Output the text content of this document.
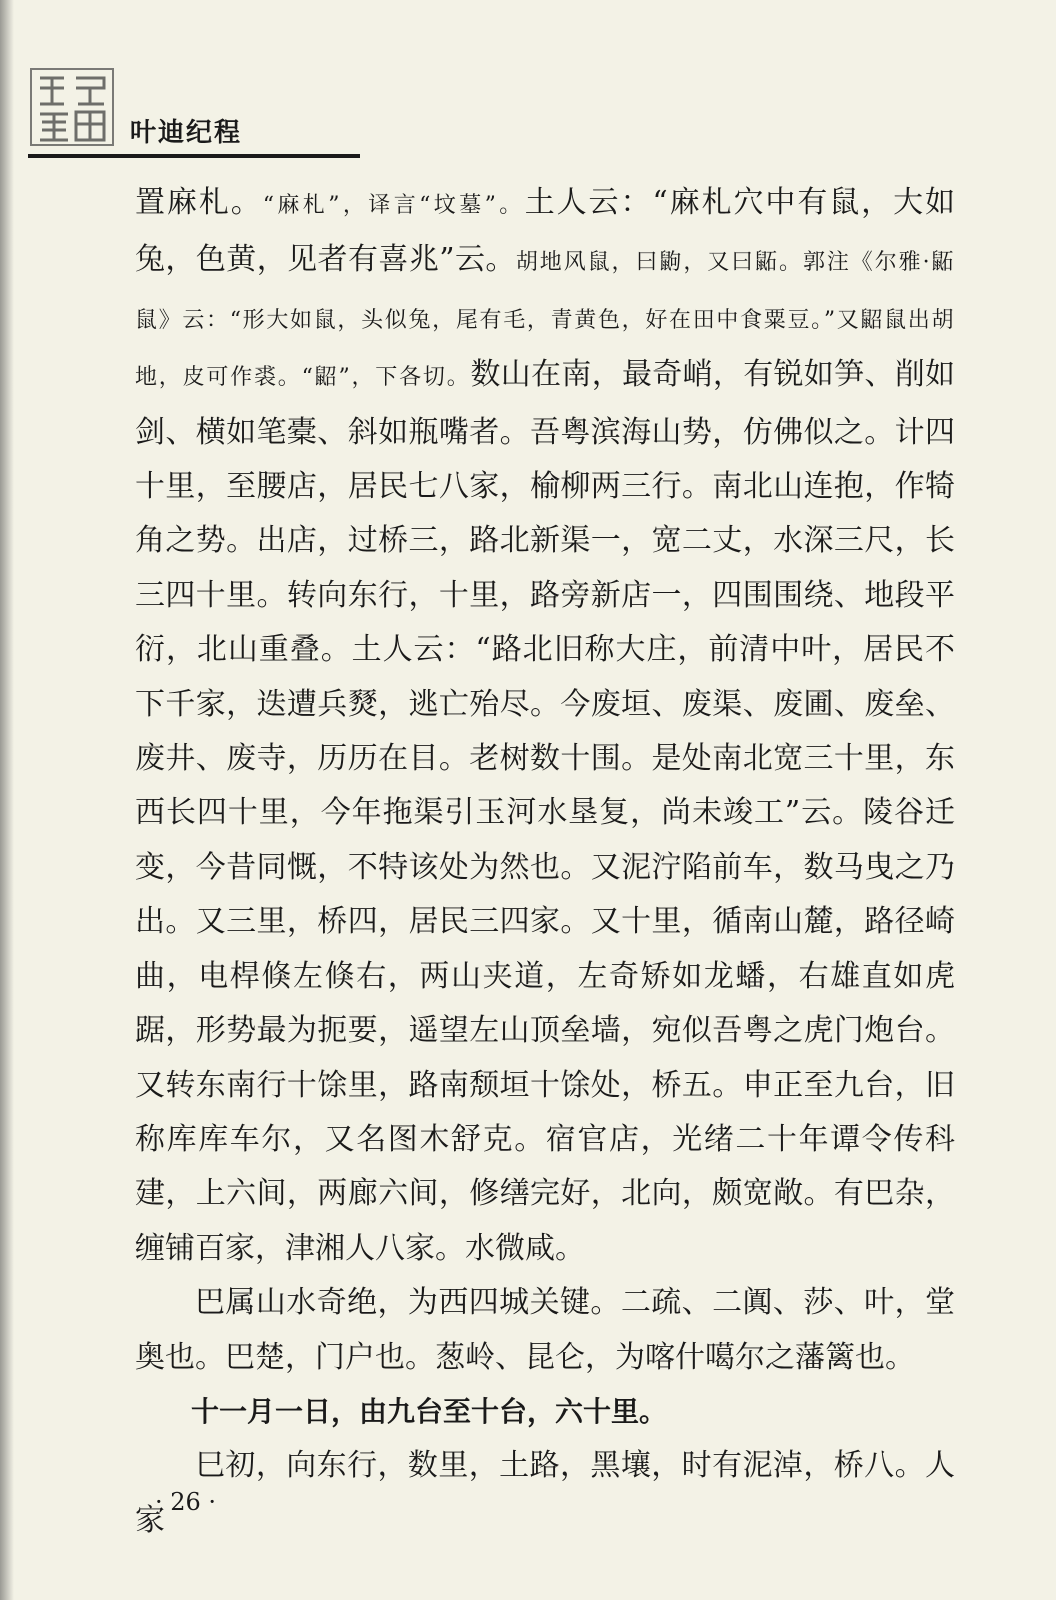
叶迪纪程

置麻札。“麻札”，译言“坟墓”。土人云：“麻札穴中有鼠，大如兔，色黄，见者有喜兆”云。胡地风鼠，曰鼩，又曰鼫。郭注《尔雅·鼫鼠》云：“形大如鼠，头似兔，尾有毛，青黄色，好在田中食粟豆。”又鼦鼠出胡地，皮可作裘。“鼦”，下各切。数山在南，最奇峭，有锐如笋、削如剑、横如笔橐、斜如瓶嘴者。吾粤滨海山势，仿佛似之。计四十里，至腰店，居民七八家，榆柳两三行。南北山连抱，作犄角之势。出店，过桥三，路北新渠一，宽二丈，水深三尺，长三四十里。转向东行，十里，路旁新店一，四围围绕、地段平衍，北山重叠。土人云：“路北旧称大庄，前清中叶，居民不下千家，迭遭兵燹，逃亡殆尽。今废垣、废渠、废圃、废垒、废井、废寺，历历在目。老树数十围。是处南北宽三十里，东西长四十里，今年拖渠引玉河水垦复，尚未竣工”云。陵谷迁变，今昔同慨，不特该处为然也。又泥泞陷前车，数马曳之乃出。又三里，桥四，居民三四家。又十里，循南山麓，路径崎曲，电桿倏左倏右，两山夹道，左奇矫如龙蟠，右雄直如虎踞，形势最为扼要，遥望左山顶垒墙，宛似吾粤之虎门炮台。又转东南行十馀里，路南颓垣十馀处，桥五。申正至九台，旧称库库车尔，又名图木舒克。宿官店，光绪二十年谭令传科建，上六间，两廊六间，修缮完好，北向，颇宽敞。有巴杂，缠铺百家，津湘人八家。水微咸。

巴属山水奇绝，为西四城关键。二疏、二阗、莎、叶，堂奥也。巴楚，门户也。葱岭、昆仑，为喀什噶尔之藩篱也。

十一月一日，由九台至十台，六十里。

巳初，向东行，数里，土路，黑壤，时有泥淖，桥八。人家

· 26 ·
